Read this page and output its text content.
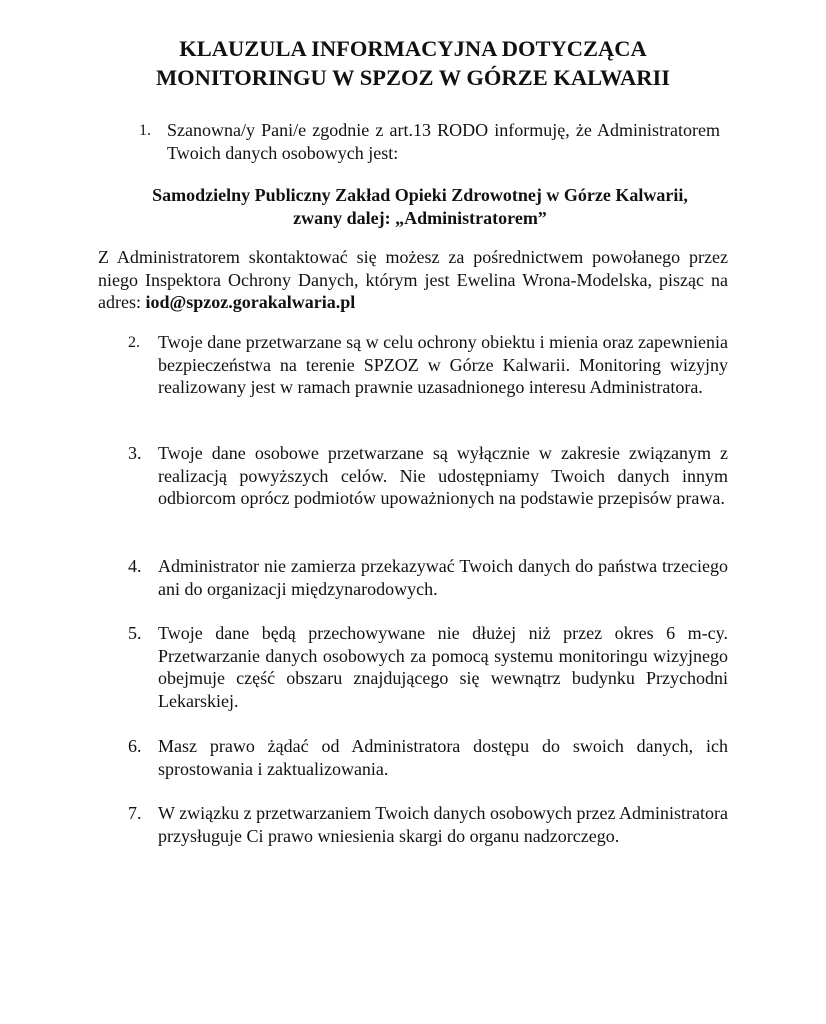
KLAUZULA INFORMACYJNA DOTYCZĄCA
MONITORINGU W SPZOZ W GÓRZE KALWARII
1. Szanowna/y Pani/e zgodnie z art.13 RODO informuję, że Administratorem Twoich danych osobowych jest:
Samodzielny Publiczny Zakład Opieki Zdrowotnej w Górze Kalwarii,
zwany dalej: „Administratorem”
Z Administratorem skontaktować się możesz za pośrednictwem powołanego przez niego Inspektora Ochrony Danych, którym jest Ewelina Wrona-Modelska, pisząc na adres: iod@spzoz.gorakalwaria.pl
2. Twoje dane przetwarzane są w celu ochrony obiektu i mienia oraz zapewnienia bezpieczeństwa na terenie SPZOZ w Górze Kalwarii. Monitoring wizyjny realizowany jest w ramach prawnie uzasadnionego interesu Administratora.
3. Twoje dane osobowe przetwarzane są wyłącznie w zakresie związanym z realizacją powyższych celów. Nie udostępniamy Twoich danych innym odbiorcom oprócz podmiotów upoważnionych na podstawie przepisów prawa.
4. Administrator nie zamierza przekazywać Twoich danych do państwa trzeciego ani do organizacji międzynarodowych.
5. Twoje dane będą przechowywane nie dłużej niż przez okres 6 m-cy. Przetwarzanie danych osobowych za pomocą systemu monitoringu wizyjnego obejmuje część obszaru znajdującego się wewnątrz budynku Przychodni Lekarskiej.
6. Masz prawo żądać od Administratora dostępu do swoich danych, ich sprostowania i zaktualizowania.
7. W związku z przetwarzaniem Twoich danych osobowych przez Administratora przysługuje Ci prawo wniesienia skargi do organu nadzorczego.
